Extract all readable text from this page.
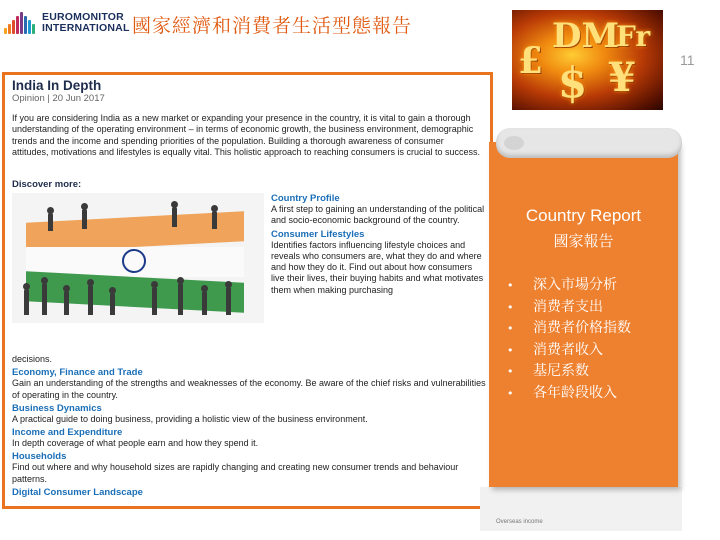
EUROMONITOR
INTERNATIONAL 國家經濟和消費者生活型態報告
11
£
DM
Fr
$ ¥
India In Depth
Opinion | 20 Jun 2017
If you are considering India as a new market or expanding your presence in the country, it is vital to gain a thorough understanding of the operating environment – in terms of economic growth, the business environment, demographic trends and the income and spending priorities of the population. Building a thorough awareness of consumer attitudes, motivations and lifestyles is equally vital. This holistic approach to reaching consumers is crucial to success.
Discover more:
Country Profile
A first step to gaining an understanding of the political and socio-economic background of the country.
Consumer Lifestyles
Identifies factors influencing lifestyle choices and reveals who consumers are, what they do and where and how they do it. Find out about how consumers live their lives, their buying habits and what motivates them when making purchasing
decisions.
Economy, Finance and Trade
Gain an understanding of the strengths and weaknesses of the economy. Be aware of the chief risks and vulnerabilities of operating in the country.
Business Dynamics
A practical guide to doing business, providing a holistic view of the business environment.
Income and Expenditure
In depth coverage of what people earn and how they spend it.
Households
Find out where and why household sizes are rapidly changing and creating new consumer trends and behaviour patterns.
Digital Consumer Landscape
Overseas income
Country Report
國家報告
• 深入市場分析
• 消费者支出
• 消费者价格指数
• 消费者收入
• 基尼系数
• 各年龄段收入
